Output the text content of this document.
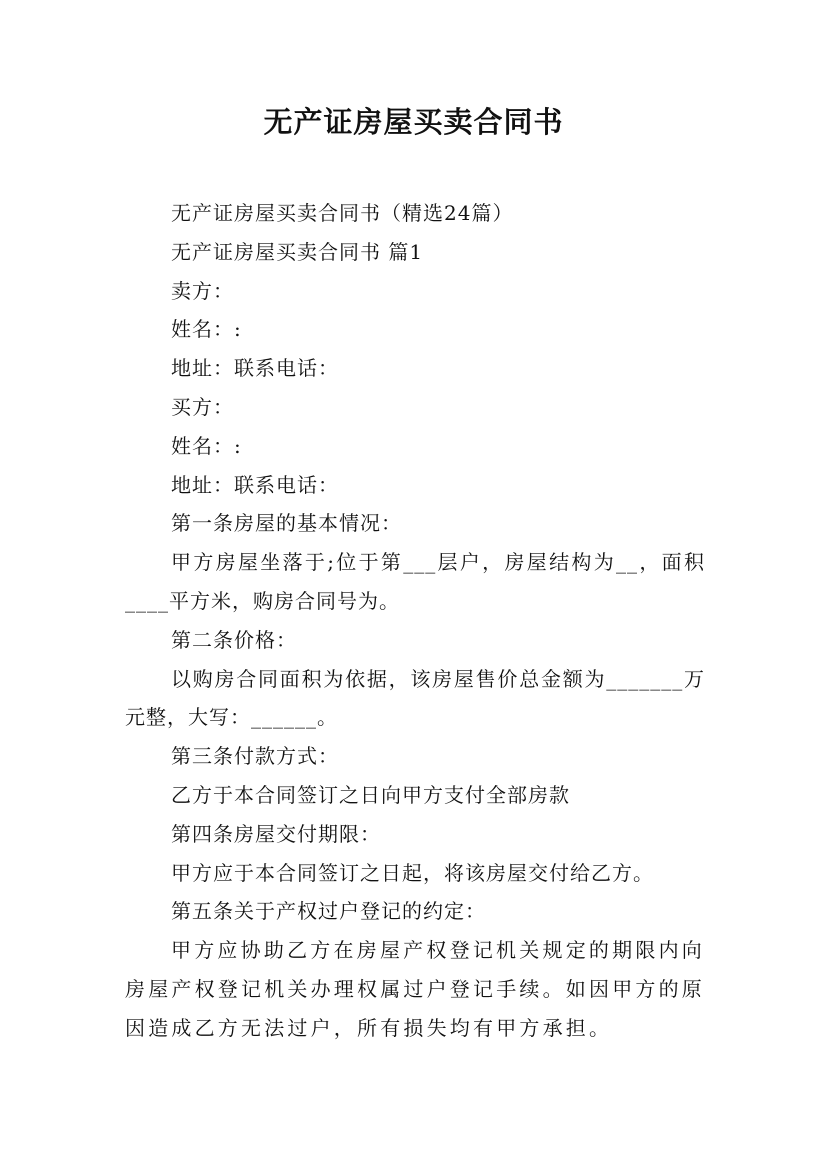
无产证房屋买卖合同书

无产证房屋买卖合同书（精选24篇）

无产证房屋买卖合同书 篇1

卖方：

姓名：:

地址：联系电话：

买方：

姓名：:

地址：联系电话：

第一条房屋的基本情况：

甲方房屋坐落于;位于第___层户，房屋结构为__，面积____平方米，购房合同号为。

第二条价格：

以购房合同面积为依据，该房屋售价总金额为_______万元整，大写：______。

第三条付款方式：

乙方于本合同签订之日向甲方支付全部房款

第四条房屋交付期限：

甲方应于本合同签订之日起，将该房屋交付给乙方。

第五条关于产权过户登记的约定：

甲方应协助乙方在房屋产权登记机关规定的期限内向房屋产权登记机关办理权属过户登记手续。如因甲方的原因造成乙方无法过户，所有损失均有甲方承担。
